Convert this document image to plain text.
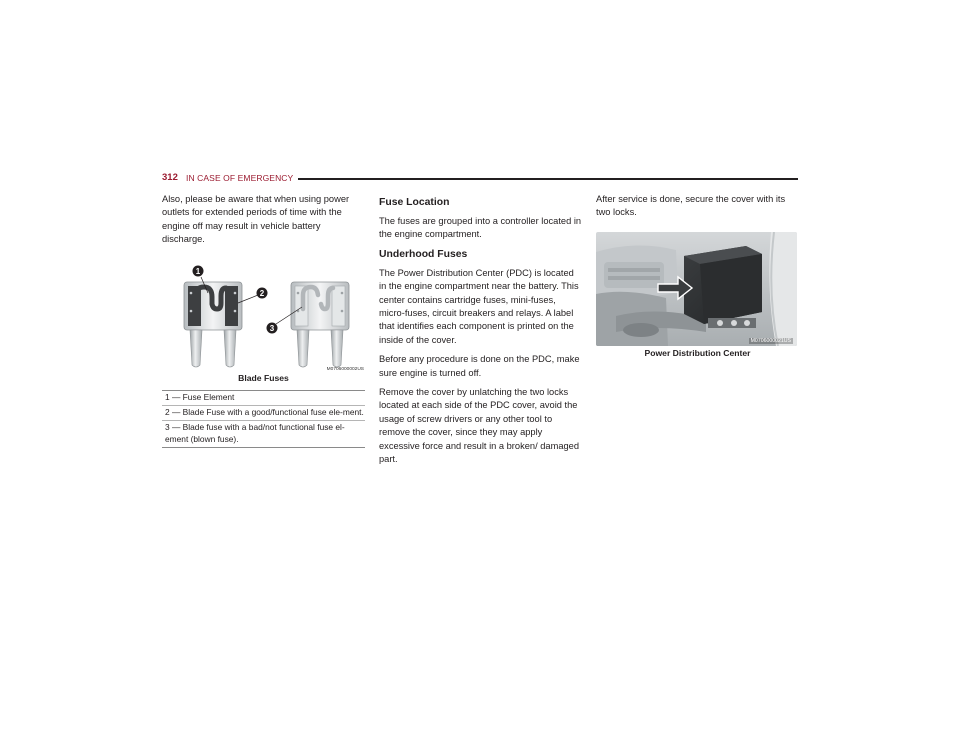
312 IN CASE OF EMERGENCY

Also, please be aware that when using power outlets for extended periods of time with the engine off may result in vehicle battery discharge.

1
2
3
M0706000002US
Blade Fuses
1 — Fuse Element
2 — Blade Fuse with a good/functional fuse ele-ment.
3 — Blade fuse with a bad/not functional fuse el-ement (blown fuse).
Fuse Location

The fuses are grouped into a controller located in the engine compartment.

Underhood Fuses

The Power Distribution Center (PDC) is located in the engine compartment near the battery. This center contains cartridge fuses, mini-fuses, micro-fuses, circuit breakers and relays. A label that identifies each component is printed on the inside of the cover.

Before any procedure is done on the PDC, make sure engine is turned off.

Remove the cover by unlatching the two locks located at each side of the PDC cover, avoid the usage of screw drivers or any other tool to remove the cover, since they may apply excessive force and result in a broken/ damaged part.

After service is done, secure the cover with its two locks.

M0706000021US
Power Distribution Center
